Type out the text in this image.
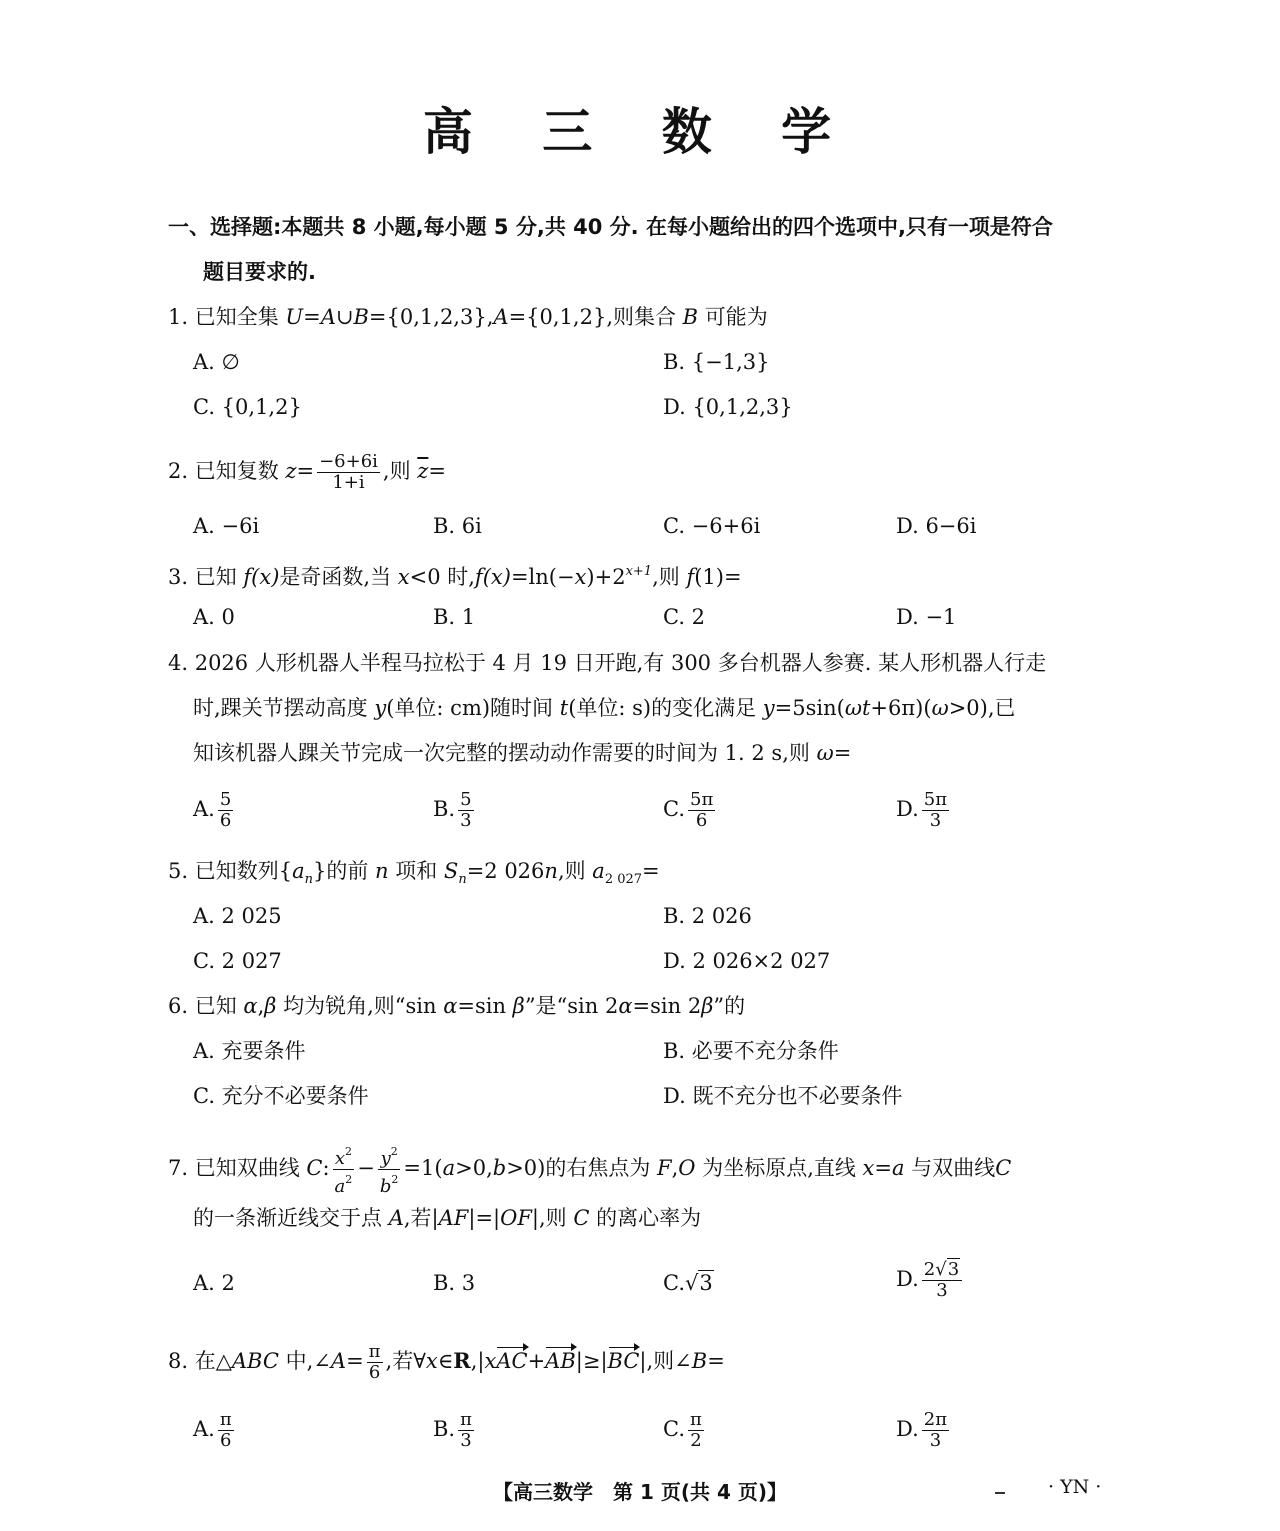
高 三 数 学
一、选择题:本题共 8 小题,每小题 5 分,共 40 分. 在每小题给出的四个选项中,只有一项是符合
题目要求的.
1. 已知全集 U=A∪B={0,1,2,3},A={0,1,2},则集合 B 可能为
A. ∅	B. {−1,3}
C. {0,1,2}	D. {0,1,2,3}
2. 已知复数 $z= \frac{-6+6i}{1+i}$ ,则 $\overline{z}=$
A. −6i	B. 6i	C. −6+6i	D. 6−6i
3. 已知 f(x)是奇函数,当 x<0 时$,f(x)=\ln(-x)+2^{x+1}$,则 f(1)=
A. 0	B. 1	C. 2	D. −1
4. 2026 人形机器人半程马拉松于 4 月 19 日开跑,有 300 多台机器人参赛. 某人形机器人行走
时,踝关节摆动高度 y(单位: cm)随时间 t(单位: s)的变化满足 y=5sin(ωt+6π)(ω>0),已
知该机器人踝关节完成一次完整的摆动动作需要的时间为 1. 2 s,则 ω=
A. $\frac{5}{6}$	B. $\frac{5}{3}$	C. $\frac{5\pi}{6}$	D. $\frac{5\pi}{3}$
5. 已知数列$\{a_n\}$的前 n 项和 $S_n=2$ 026n,则 $a_{2 027}=$
A. 2 025	B. 2 026
C. 2 027	D. 2 026×2 027
6. 已知 α,β 均为锐角,则“sin α=sin β”是“sin 2α=sin 2β”的
A. 充要条件	B. 必要不充分条件
C. 充分不必要条件	D. 既不充分也不必要条件
7. 已知双曲线 C: $\frac{x^2}{a^2} - \frac{y^2}{b^2} =1(a>0,b>0)$的右焦点为 F,O 为坐标原点,直线 x=a 与双曲线C
的一条渐近线交于点 A,若|AF|=|OF|,则 C 的离心率为
A. 2	B. 3	C.√3	D. $\frac{2√3}{3}$
8. 在△ABC 中,∠A= $\frac{\pi}{6}$ ,若∀x∈R,|xAC+AB|≥|BC|,则∠B=
A. $\frac{\pi}{6}$	B. $\frac{\pi}{3}$	C. $\frac{\pi}{2}$	D. $\frac{2\pi}{3}$
【高三数学　第 1 页(共 4 页)】	· YN ·
